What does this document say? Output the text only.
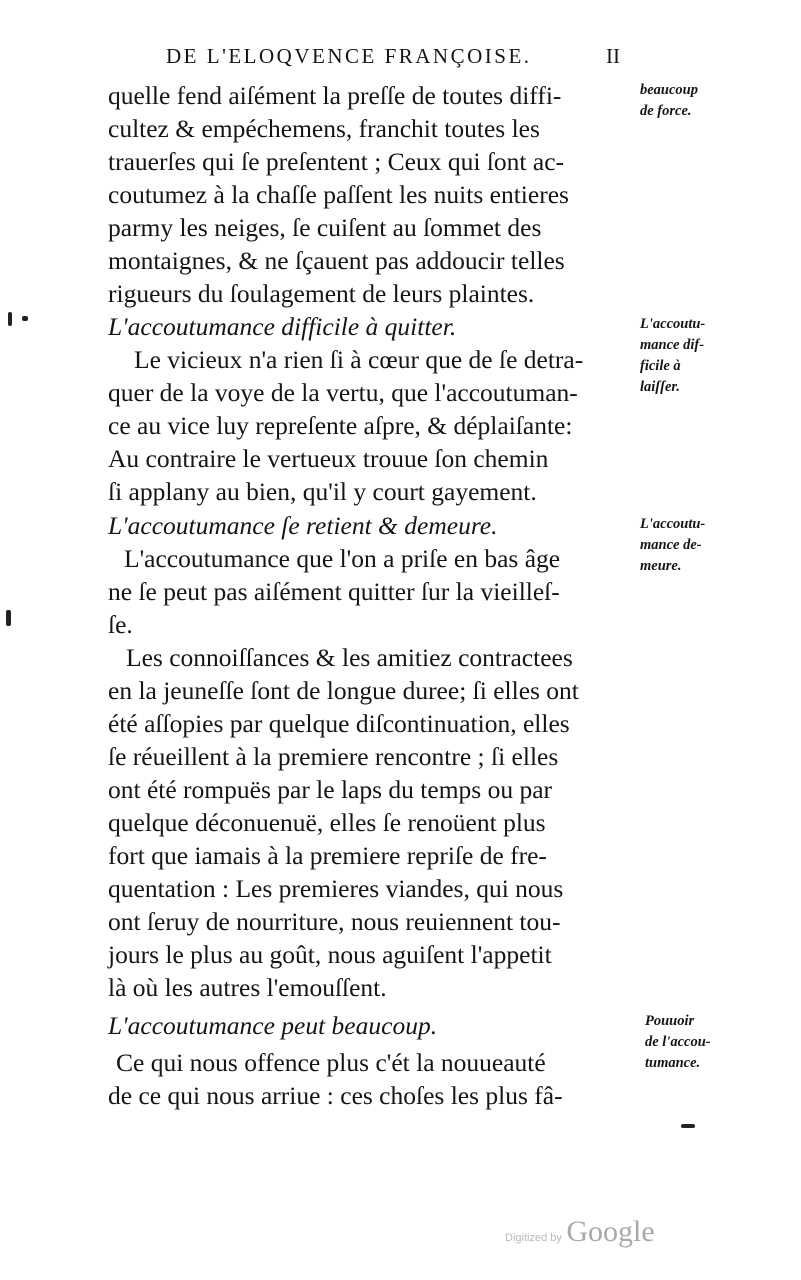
DE L'ELOQVENCE FRANÇOISE.	II
quelle fend aiſément la preſſe de toutes diffi-
cultez & empéchemens, franchit toutes les
trauerſes qui ſe preſentent ; Ceux qui ſont ac-
coutumez à la chaſſe paſſent les nuits entieres
parmy les neiges, ſe cuiſent au ſommet des
montaignes, & ne ſçauent pas addoucir telles
rigueurs du ſoulagement de leurs plaintes.
L'accoutumance difficile à quitter.
Le vicieux n'a rien ſi à cœur que de ſe detra-
quer de la voye de la vertu, que l'accoutuman-
ce au vice luy repreſente aſpre, & déplaiſante:
Au contraire le vertueux trouue ſon chemin
ſi applany au bien, qu'il y court gayement.
L'accoutumance ſe retient & demeure.
L'accoutumance que l'on a priſe en bas âge
ne ſe peut pas aiſément quitter ſur la vieilleſ-
ſe.
Les connoiſſances & les amitiez contractees
en la jeuneſſe ſont de longue duree; ſi elles ont
été aſſopies par quelque diſcontinuation, elles
ſe réueillent à la premiere rencontre ; ſi elles
ont été rompuës par le laps du temps ou par
quelque déconuenuë, elles ſe renoüent plus
fort que iamais à la premiere repriſe de fre-
quentation : Les premieres viandes, qui nous
ont ſeruy de nourriture, nous reuiennent tou-
jours le plus au goût, nous aguiſent l'appetit
là où les autres l'emouſſent.
L'accoutumance peut beaucoup.
Ce qui nous offence plus c'ét la nouueauté
de ce qui nous arriue : ces choſes les plus fâ-
beaucoup
de force.
L'accoutu-
mance dif-
ficile à
laiſſer.
L'accoutu-
mance de-
meure.
Pouuoir
de l'accou-
tumance.
Digitized by Google
